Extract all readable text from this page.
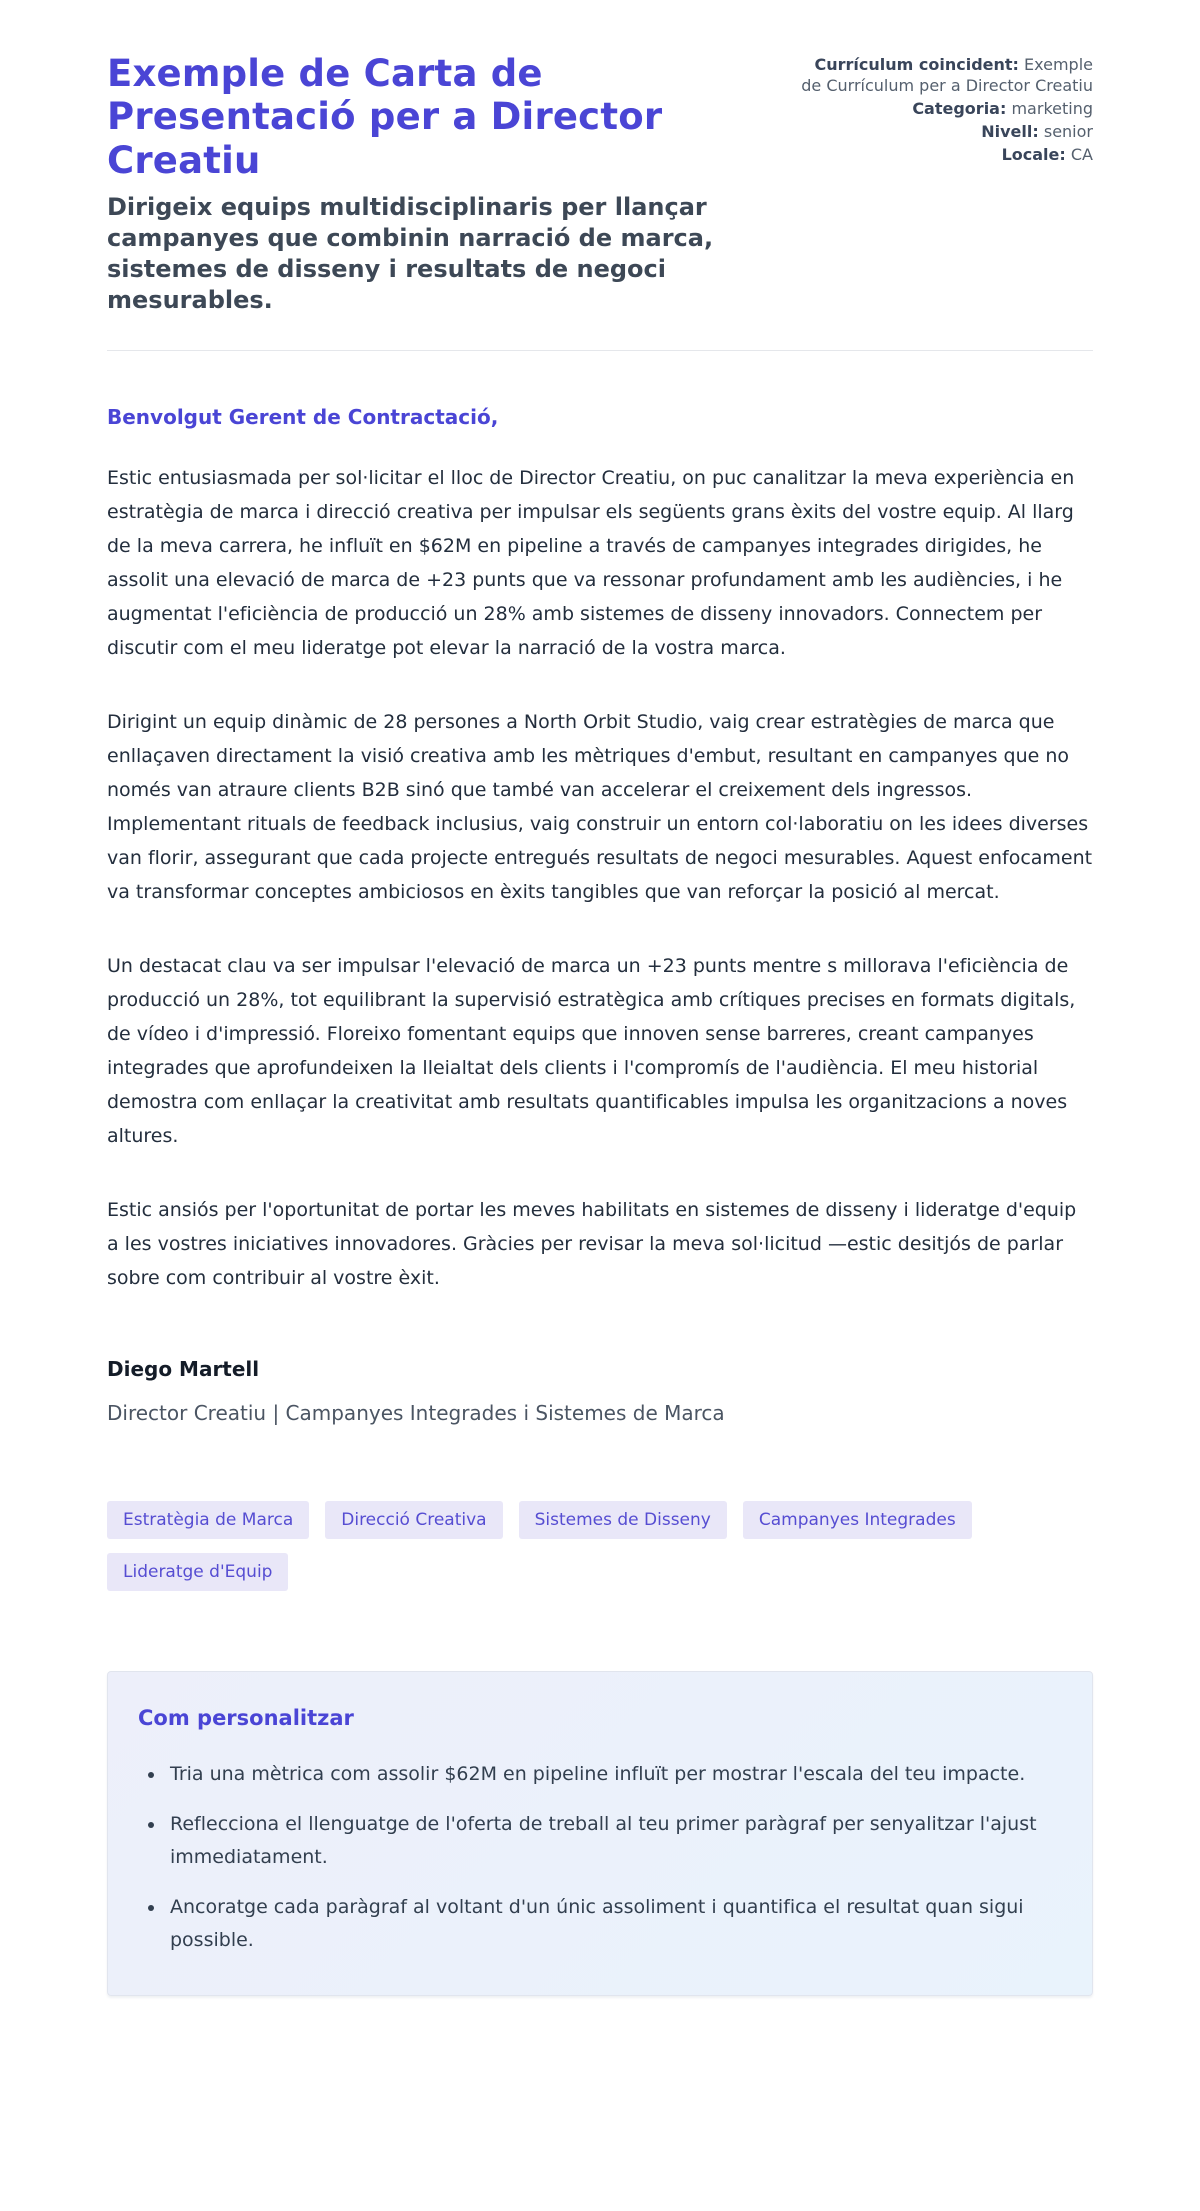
Exemple de Carta de Presentació per a Director Creatiu

Dirigeix equips multidisciplinaris per llançar campanyes que combinin narració de marca, sistemes de disseny i resultats de negoci mesurables.

Currículum coincident: Exemple de Currículum per a Director Creatiu
Categoria: marketing
Nivell: senior
Locale: CA

Benvolgut Gerent de Contractació,

Estic entusiasmada per sol·licitar el lloc de Director Creatiu, on puc canalitzar la meva experiència en estratègia de marca i direcció creativa per impulsar els següents grans èxits del vostre equip. Al llarg de la meva carrera, he influït en $62M en pipeline a través de campanyes integrades dirigides, he assolit una elevació de marca de +23 punts que va ressonar profundament amb les audiències, i he augmentat l'eficiència de producció un 28% amb sistemes de disseny innovadors. Connectem per discutir com el meu lideratge pot elevar la narració de la vostra marca.

Dirigint un equip dinàmic de 28 persones a North Orbit Studio, vaig crear estratègies de marca que enllaçaven directament la visió creativa amb les mètriques d'embut, resultant en campanyes que no només van atraure clients B2B sinó que també van accelerar el creixement dels ingressos. Implementant rituals de feedback inclusius, vaig construir un entorn col·laboratiu on les idees diverses van florir, assegurant que cada projecte entregués resultats de negoci mesurables. Aquest enfocament va transformar conceptes ambiciosos en èxits tangibles que van reforçar la posició al mercat.

Un destacat clau va ser impulsar l'elevació de marca un +23 punts mentre s millorava l'eficiència de producció un 28%, tot equilibrant la supervisió estratègica amb crítiques precises en formats digitals, de vídeo i d'impressió. Floreixo fomentant equips que innoven sense barreres, creant campanyes integrades que aprofundeixen la lleialtat dels clients i l'compromís de l'audiència. El meu historial demostra com enllaçar la creativitat amb resultats quantificables impulsa les organitzacions a noves altures.

Estic ansiós per l'oportunitat de portar les meves habilitats en sistemes de disseny i lideratge d'equip a les vostres iniciatives innovadores. Gràcies per revisar la meva sol·licitud —estic desitjós de parlar sobre com contribuir al vostre èxit.

Diego Martell
Director Creatiu | Campanyes Integrades i Sistemes de Marca
Estratègia de Marca	Direcció Creativa	Sistemes de Disseny	Campanyes Integrades
Lideratge d'Equip
Com personalitzar
• Tria una mètrica com assolir $62M en pipeline influït per mostrar l'escala del teu impacte.
• Reflecciona el llenguatge de l'oferta de treball al teu primer paràgraf per senyalitzar l'ajust immediatament.
• Ancoratge cada paràgraf al voltant d'un únic assoliment i quantifica el resultat quan sigui possible.
